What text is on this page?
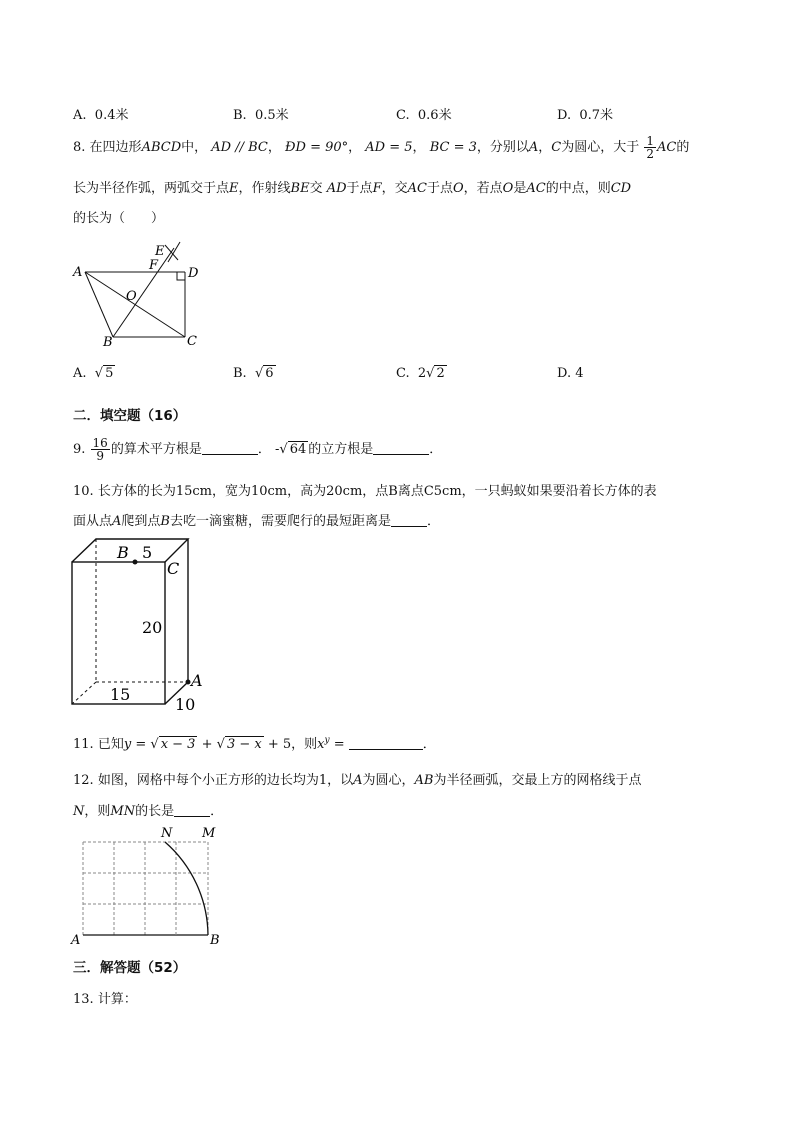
A. 0.4米	B. 0.5米	C. 0.6米	D. 0.7米
8. 在四边形ABCD中， AD // BC， ÐD = 90°， AD = 5， BC = 3，分别以A，C为圆心，大于 $\frac{1}{2}$ AC的
长为半径作弧，两弧交于点E，作射线BE交 AD于点F，交AC于点O，若点O是AC的中点，则CD
的长为（　　）
A
B	C
D
E
F
O
A. √ 5	B. √ 6	C. 2√ 2	D. 4
二．填空题（16）
9. $\frac{16}{9}$ 的算术平方根是	． -√ 64 的立方根是	．
10. 长方体的长为15cm，宽为10cm，高为20cm，点B离点C5cm，一只蚂蚁如果要沿着长方体的表
面从点A爬到点B去吃一滴蜜糖，需要爬行的最短距离是	．
B 5
C
20
15
A
10
11. 已知y = √ x − 3 + √ 3 − x + 5，则$x^y$ =	．
12. 如图，网格中每个小正方形的边长均为1，以A为圆心，AB为半径画弧，交最上方的网格线于点
N，则MN的长是	．
N M
A	B
三．解答题（52）
13. 计算：
